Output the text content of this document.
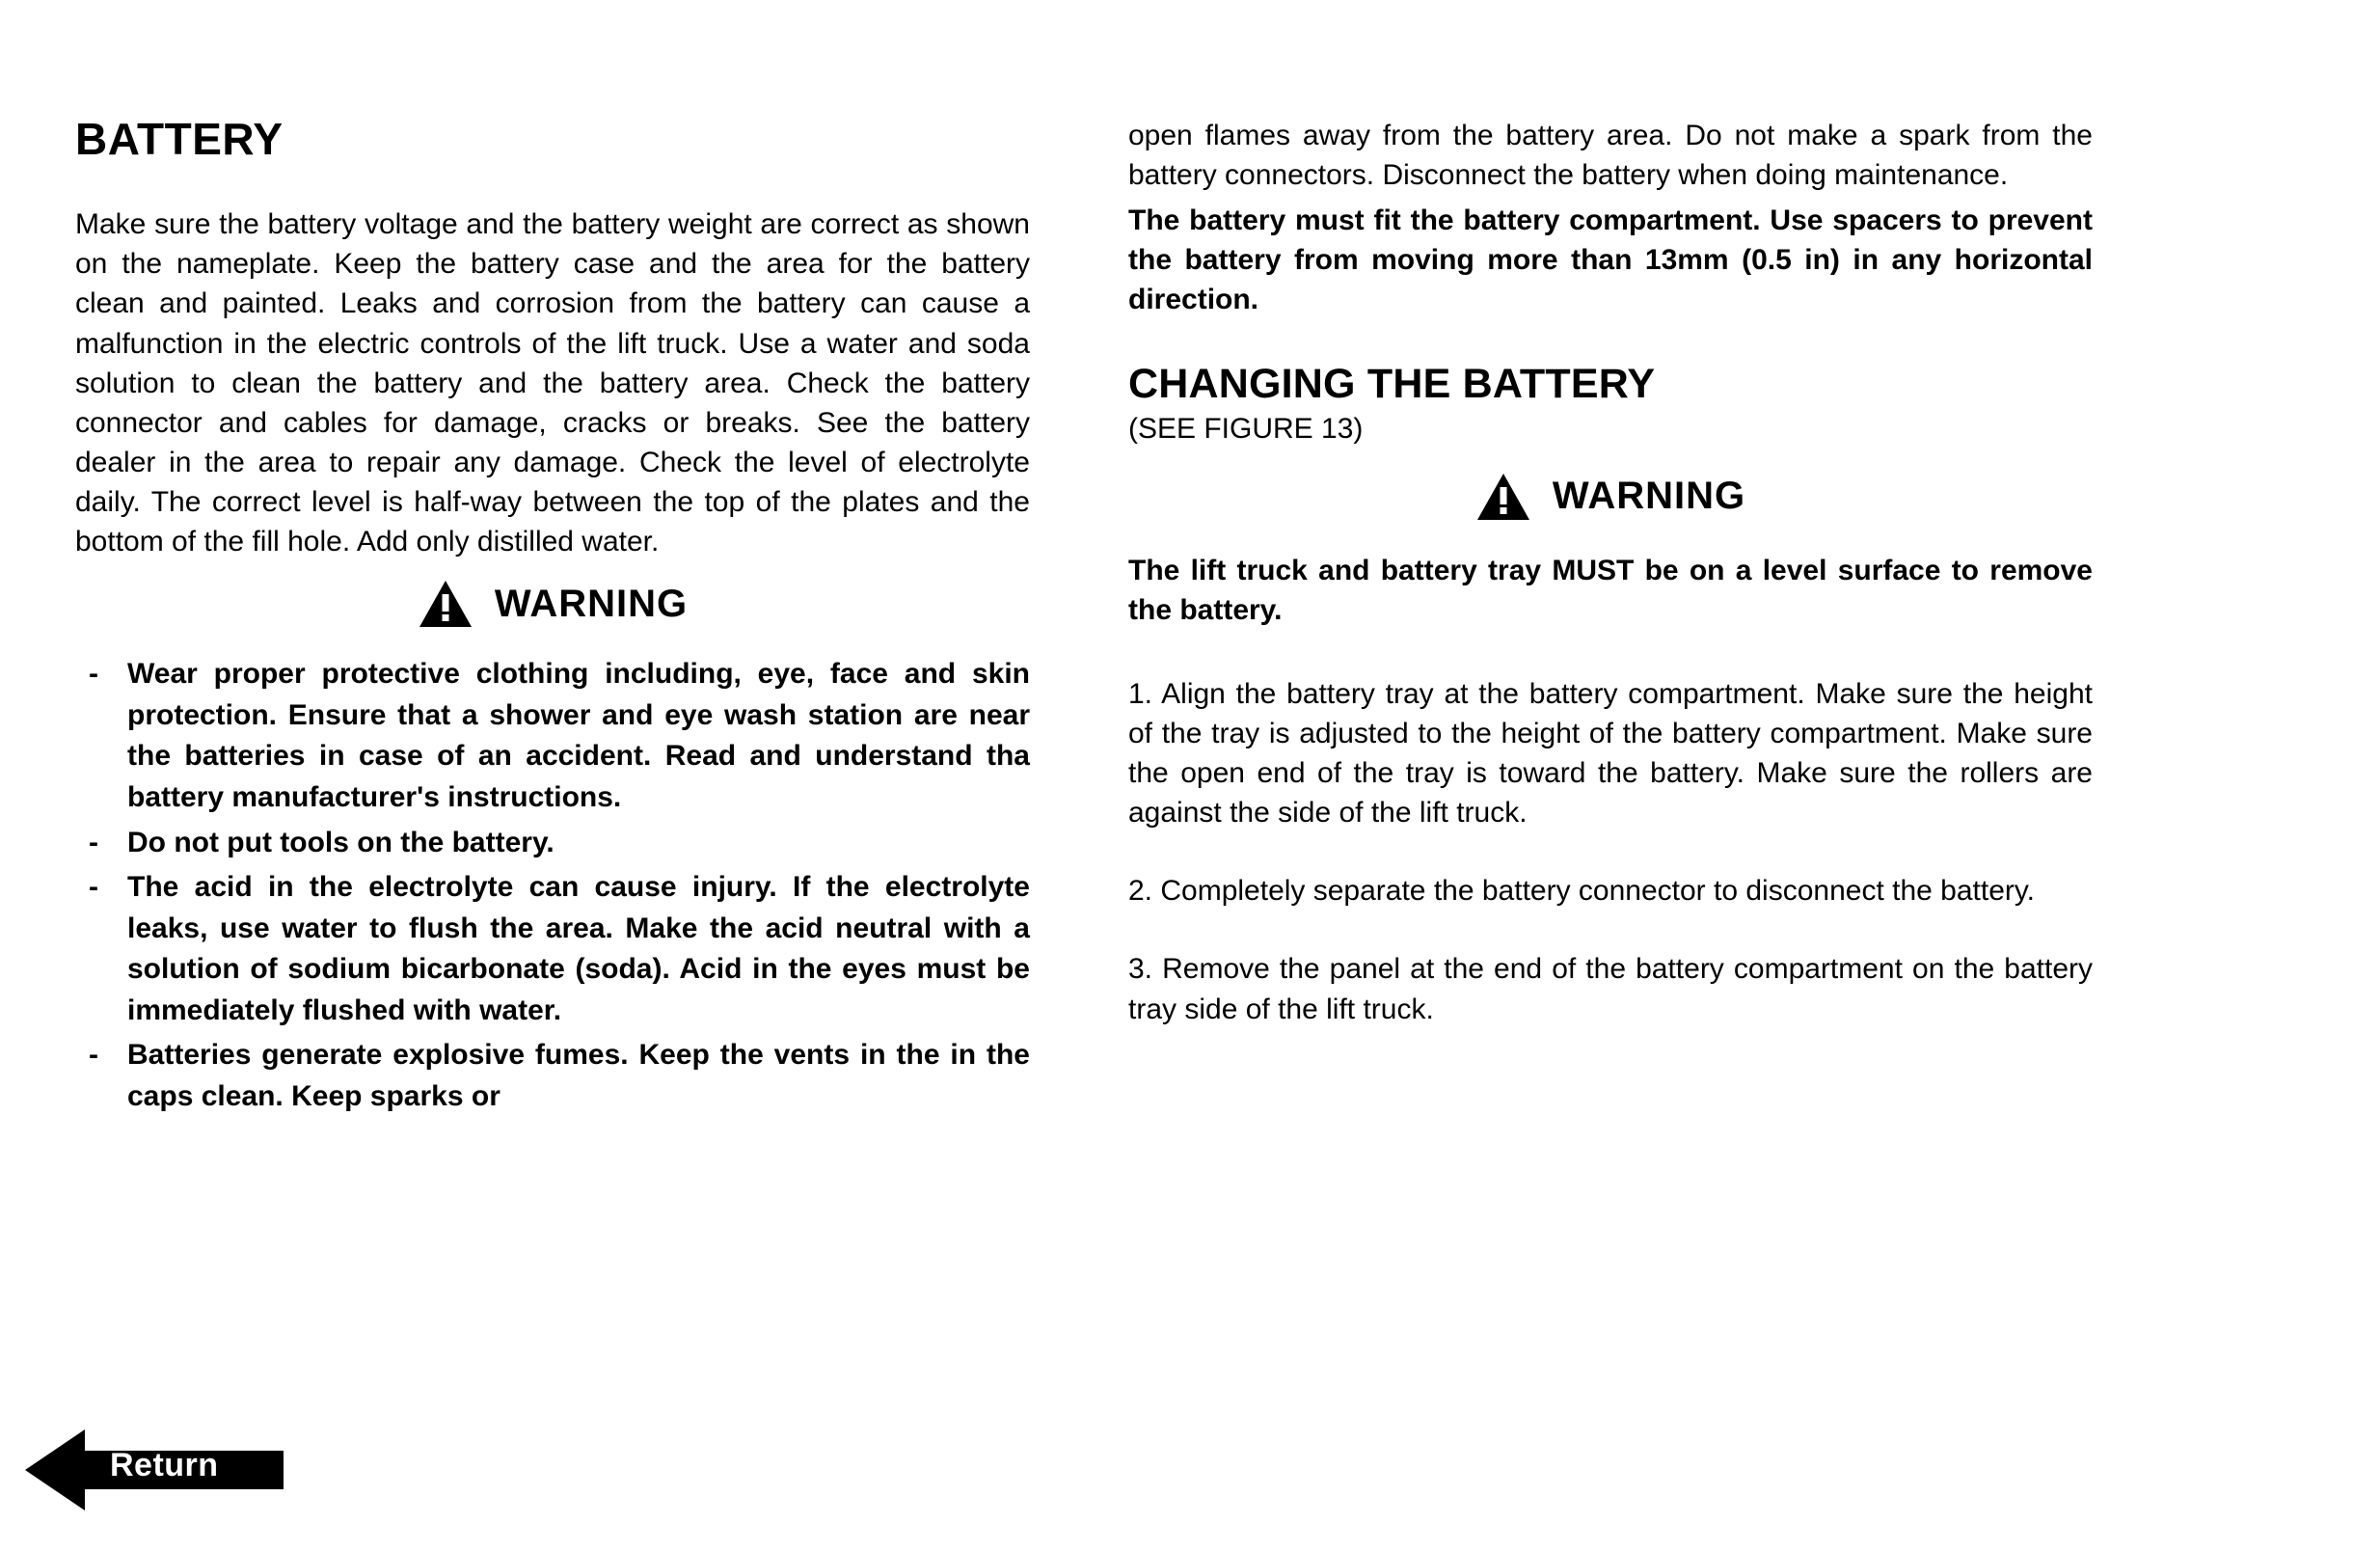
BATTERY

Make sure the battery voltage and the battery weight are correct as shown on the nameplate. Keep the battery case and the area for the battery clean and painted. Leaks and corrosion from the battery can cause a malfunction in the electric controls of the lift truck. Use a water and soda solution to clean the battery and the battery area. Check the battery connector and cables for damage, cracks or breaks. See the battery dealer in the area to repair any damage. Check the level of electrolyte daily. The correct level is half-way between the top of the plates and the bottom of the fill hole. Add only distilled water.

WARNING
- Wear proper protective clothing including, eye, face and skin protection. Ensure that a shower and eye wash station are near the batteries in case of an accident. Read and understand tha battery manufacturer's instructions.
- Do not put tools on the battery.
- The acid in the electrolyte can cause injury. If the electrolyte leaks, use water to flush the area. Make the acid neutral with a solution of sodium bicarbonate (soda). Acid in the eyes must be immediately flushed with water.
- Batteries generate explosive fumes. Keep the vents in the in the caps clean. Keep sparks or

open flames away from the battery area. Do not make a spark from the battery connectors. Disconnect the battery when doing maintenance.

The battery must fit the battery compartment. Use spacers to prevent the battery from moving more than 13mm (0.5 in) in any horizontal direction.

CHANGING THE BATTERY

(SEE FIGURE 13)

WARNING

The lift truck and battery tray MUST be on a level surface to remove the battery.

1. Align the battery tray at the battery compartment. Make sure the height of the tray is adjusted to the height of the battery compartment. Make sure the open end of the tray is toward the battery. Make sure the rollers are against the side of the lift truck.

2. Completely separate the battery connector to disconnect the battery.

3. Remove the panel at the end of the battery compartment on the battery tray side of the lift truck.

Return
